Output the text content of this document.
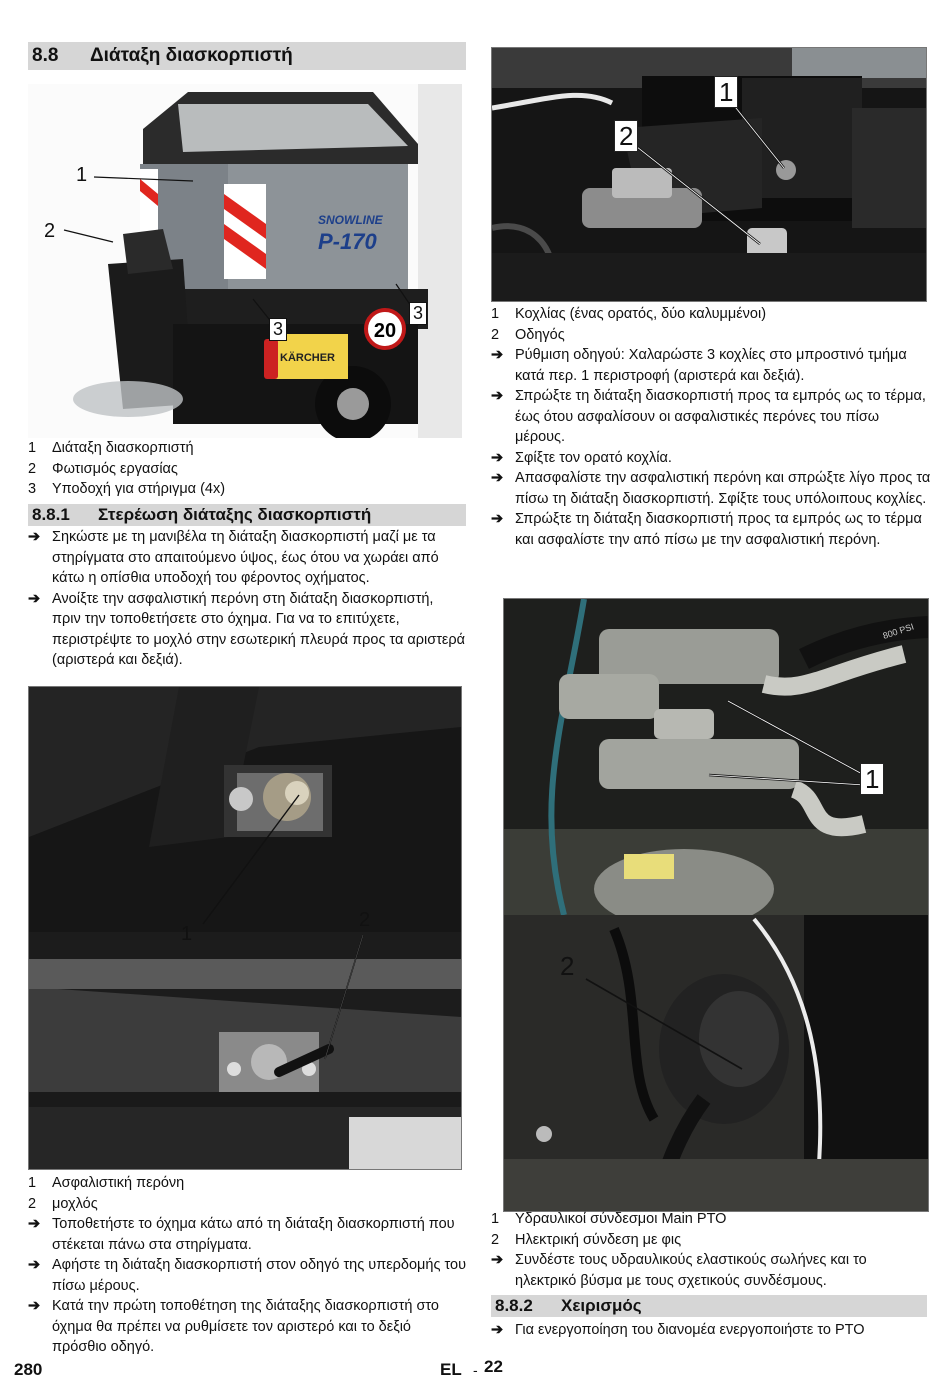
8.8 Διάταξη διασκορπιστή
20
KÄRCHER
SNOWLINE
P-170
1
2
3
3
1	Διάταξη διασκορπιστή
2	Φωτισμός εργασίας
3	Υποδοχή για στήριγμα (4x)
8.8.1 Στερέωση διάταξης διασκορπιστή
➔ Σηκώστε με τη μανιβέλα τη διάταξη διασκορπιστή μαζί με τα στηρίγματα στο απαιτούμενο ύψος, έως ότου να χωράει από κάτω η οπίσθια υποδοχή του φέροντος οχήματος.
➔ Ανοίξτε την ασφαλιστική περόνη στη διάταξη διασκορπιστή, πριν την τοποθετήσετε στο όχημα. Για να το επιτύχετε, περιστρέψτε το μοχλό στην εσωτερική πλευρά προς τα αριστερά (αριστερά και δεξιά).
1
2
1	Ασφαλιστική περόνη
2	μοχλός
➔ Τοποθετήστε το όχημα κάτω από τη διάταξη διασκορπιστή που στέκεται πάνω στα στηρίγματα.
➔ Αφήστε τη διάταξη διασκορπιστή στον οδηγό της υπερδομής του πίσω μέρους.
➔ Κατά την πρώτη τοποθέτηση της διάταξης διασκορπιστή στο όχημα θα πρέπει να ρυθμίσετε τον αριστερό και το δεξιό πρόσθιο οδηγό.
1
2
1	Κοχλίας (ένας ορατός, δύο καλυμμένοι)
2	Οδηγός
➔ Ρύθμιση οδηγού: Χαλαρώστε 3 κοχλίες στο μπροστινό τμήμα κατά περ. 1 περιστροφή (αριστερά και δεξιά).
➔ Σπρώξτε τη διάταξη διασκορπιστή προς τα εμπρός ως το τέρμα, έως ότου ασφαλίσουν οι ασφαλιστικές περόνες του πίσω μέρους.
➔ Σφίξτε τον ορατό κοχλία.
➔ Απασφαλίστε την ασφαλιστική περόνη και σπρώξτε λίγο προς τα πίσω τη διάταξη διασκορπιστή. Σφίξτε τους υπόλοιπους κοχλίες.
➔ Σπρώξτε τη διάταξη διασκορπιστή προς τα εμπρός ως το τέρμα και ασφαλίστε την από πίσω με την ασφαλιστική περόνη.
800 PSI
1
2
1	Υδραυλικοί σύνδεσμοι Main PTO
2	Ηλεκτρική σύνδεση με φις
➔ Συνδέστε τους υδραυλικούς ελαστικούς σωλήνες και το ηλεκτρικό βύσμα με τους σχετικούς συνδέσμους.
8.8.2 Χειρισμός
➔ Για ενεργοποίηση του διανομέα ενεργοποιήστε το PTO
280	EL - 22
